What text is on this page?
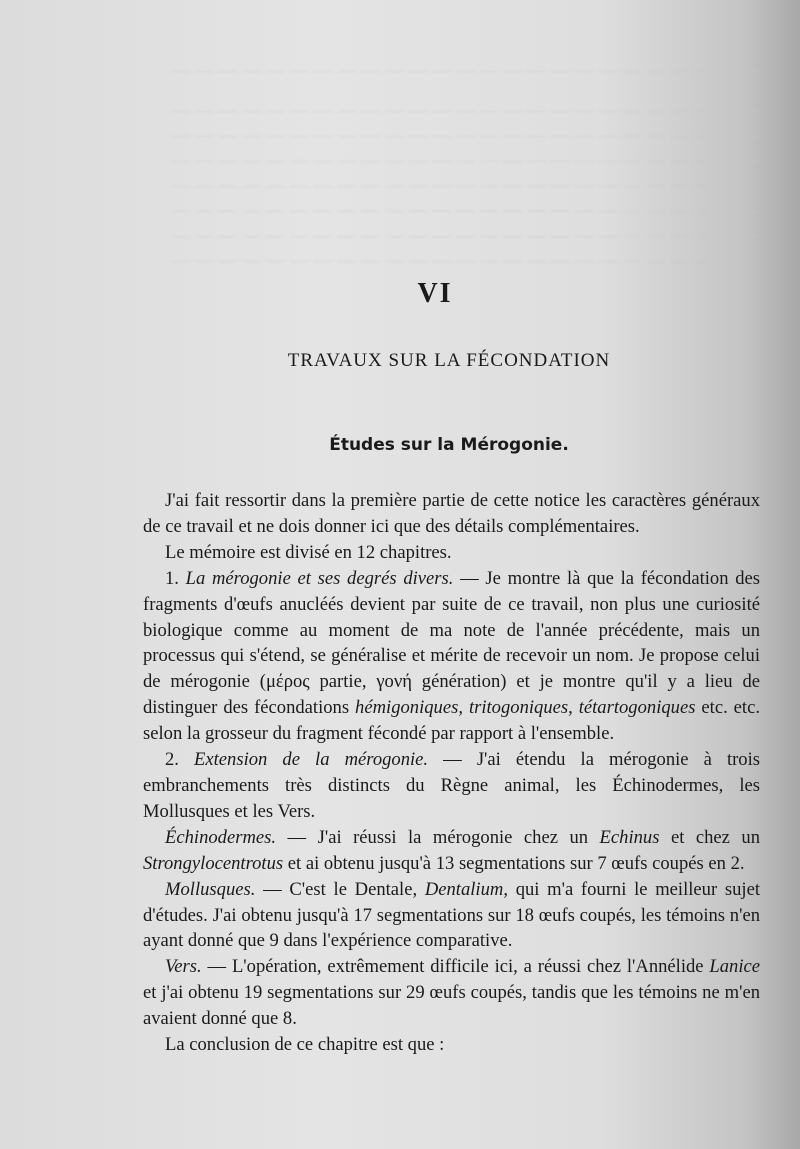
— — — — — — — — — — — — — — — — — — — — — — — — —
— — — — — — — — — — — — — — — — — — — — — — — — —
— — — — — — — — — — — — — — — — — — — — — — — — —
— — — — — — — — — — — — — — — — — — — — — — — — —
— — — — — — — — — — — — — — — — — — — — — — — — —
— — — — — — — — — — — — — — — — — — — — — — — — —
— — — — — — — — — — — — — — — — — — — — — — — — —
— — — — — — — — — — — — — — — — — — — — — — — — —
VI
TRAVAUX SUR LA FÉCONDATION
Études sur la Mérogonie.

J'ai fait ressortir dans la première partie de cette notice les caractères généraux de ce travail et ne dois donner ici que des détails complémentaires.

Le mémoire est divisé en 12 chapitres.

1. La mérogonie et ses degrés divers. — Je montre là que la fécondation des fragments d'œufs anucléés devient par suite de ce travail, non plus une curiosité biologique comme au moment de ma note de l'année précédente, mais un processus qui s'étend, se généralise et mérite de recevoir un nom. Je propose celui de mérogonie (μέρος partie, γονή génération) et je montre qu'il y a lieu de distinguer des fécondations hémigoniques, tritogoniques, tétartogoniques etc. etc. selon la grosseur du fragment fécondé par rapport à l'ensemble.

2. Extension de la mérogonie. — J'ai étendu la mérogonie à trois embranchements très distincts du Règne animal, les Échinodermes, les Mollusques et les Vers.

Échinodermes. — J'ai réussi la mérogonie chez un Echinus et chez un Strongylocentrotus et ai obtenu jusqu'à 13 segmentations sur 7 œufs coupés en 2.

Mollusques. — C'est le Dentale, Dentalium, qui m'a fourni le meilleur sujet d'études. J'ai obtenu jusqu'à 17 segmentations sur 18 œufs coupés, les témoins n'en ayant donné que 9 dans l'expérience comparative.

Vers. — L'opération, extrêmement difficile ici, a réussi chez l'Annélide Lanice et j'ai obtenu 19 segmentations sur 29 œufs coupés, tandis que les témoins ne m'en avaient donné que 8.

La conclusion de ce chapitre est que :
